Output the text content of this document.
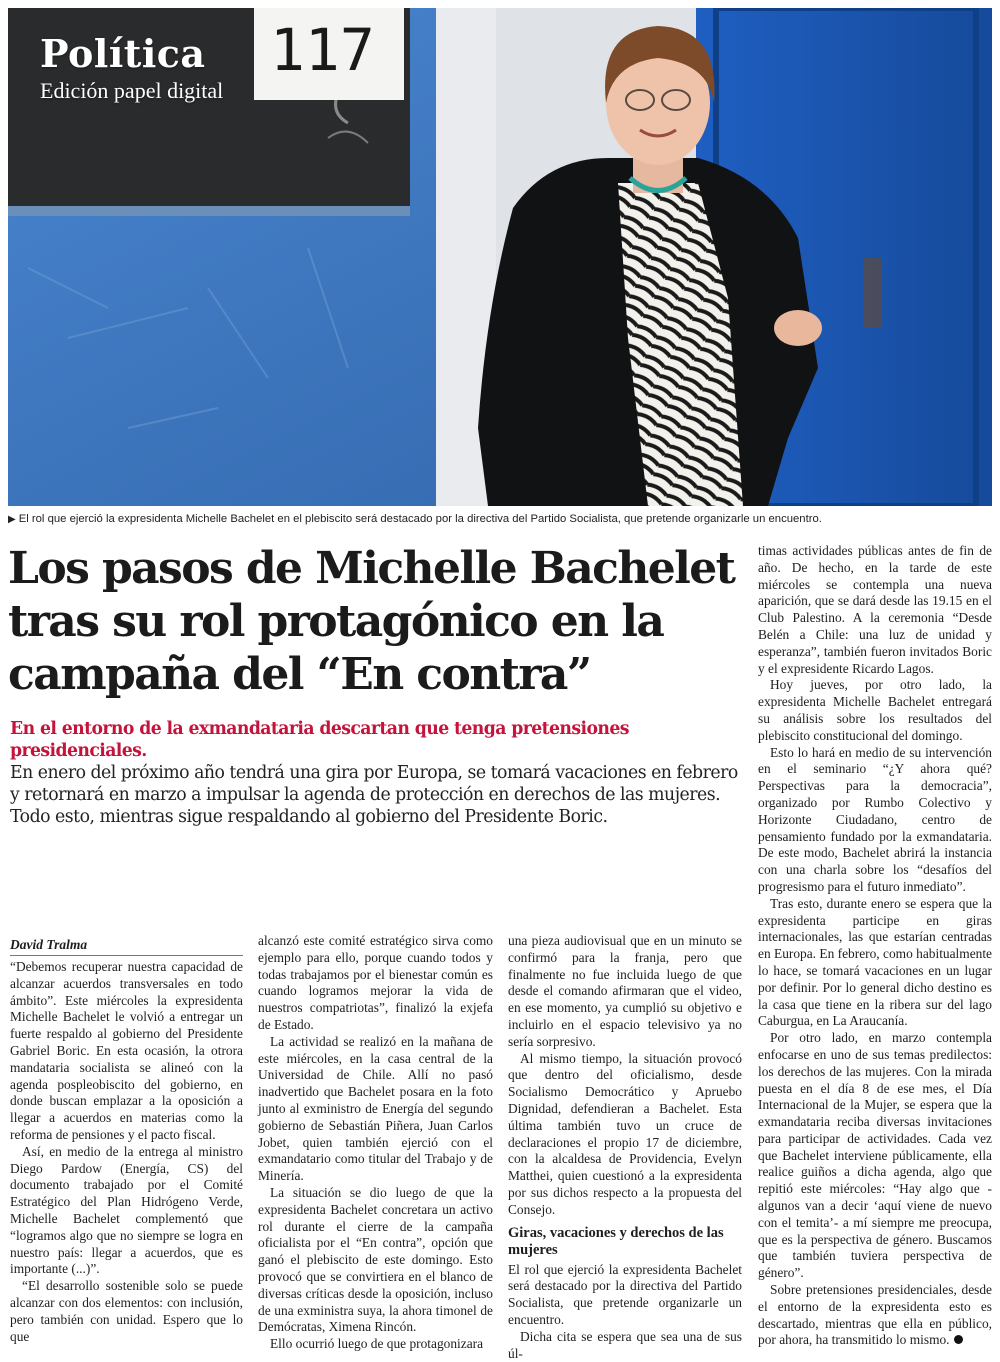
117
Política
Edición papel digital
▶ El rol que ejerció la expresidenta Michelle Bachelet en el plebiscito será destacado por la directiva del Partido Socialista, que pretende organizarle un encuentro.
Los pasos de Michelle Bachelet tras su rol protagónico en la campaña del “En contra”
En el entorno de la exmandataria descartan que tenga pretensiones presidenciales.
En enero del próximo año tendrá una gira por Europa, se tomará vacaciones en febrero y retornará en marzo a impulsar la agenda de protección en derechos de las mujeres. Todo esto, mientras sigue respaldando al gobierno del Presidente Boric.
David Tralma

“Debemos recuperar nuestra capacidad de alcanzar acuerdos transversales en todo ámbito”. Este miércoles la expresidenta Michelle Bachelet le volvió a entregar un fuerte respaldo al gobierno del Presidente Gabriel Boric. En esta ocasión, la otrora mandataria socialista se alineó con la agenda pospleobiscito del gobierno, en donde buscan emplazar a la oposición a llegar a acuerdos en materias como la reforma de pensiones y el pacto fiscal.

Así, en medio de la entrega al ministro Diego Pardow (Energía, CS) del documento trabajado por el Comité Estratégico del Plan Hidrógeno Verde, Michelle Bachelet complementó que “logramos algo que no siempre se logra en nuestro país: llegar a acuerdos, que es importante (...)”.

“El desarrollo sostenible solo se puede alcanzar con dos elementos: con inclusión, pero también con unidad. Espero que lo que

alcanzó este comité estratégico sirva como ejemplo para ello, porque cuando todos y todas trabajamos por el bienestar común es cuando logramos mejorar la vida de nuestros compatriotas”, finalizó la exjefa de Estado.

La actividad se realizó en la mañana de este miércoles, en la casa central de la Universidad de Chile. Allí no pasó inadvertido que Bachelet posara en la foto junto al exministro de Energía del segundo gobierno de Sebastián Piñera, Juan Carlos Jobet, quien también ejerció con el exmandatario como titular del Trabajo y de Minería.

La situación se dio luego de que la expresidenta Bachelet concretara un activo rol durante el cierre de la campaña oficialista por el “En contra”, opción que ganó el plebiscito de este domingo. Esto provocó que se convirtiera en el blanco de diversas críticas desde la oposición, incluso de una exministra suya, la ahora timonel de Demócratas, Ximena Rincón.

Ello ocurrió luego de que protagonizara

una pieza audiovisual que en un minuto se confirmó para la franja, pero que finalmente no fue incluida luego de que desde el comando afirmaran que el video, en ese momento, ya cumplió su objetivo e incluirlo en el espacio televisivo ya no sería sorpresivo.

Al mismo tiempo, la situación provocó que dentro del oficialismo, desde Socialismo Democrático y Apruebo Dignidad, defendieran a Bachelet. Esta última también tuvo un cruce de declaraciones el propio 17 de diciembre, con la alcaldesa de Providencia, Evelyn Matthei, quien cuestionó a la expresidenta por sus dichos respecto a la propuesta del Consejo.

Giras, vacaciones y derechos de las mujeres

El rol que ejerció la expresidenta Bachelet será destacado por la directiva del Partido Socialista, que pretende organizarle un encuentro.

Dicha cita se espera que sea una de sus úl-

timas actividades públicas antes de fin de año. De hecho, en la tarde de este miércoles se contempla una nueva aparición, que se dará desde las 19.15 en el Club Palestino. A la ceremonia “Desde Belén a Chile: una luz de unidad y esperanza”, también fueron invitados Boric y el expresidente Ricardo Lagos.

Hoy jueves, por otro lado, la expresidenta Michelle Bachelet entregará su análisis sobre los resultados del plebiscito constitucional del domingo.

Esto lo hará en medio de su intervención en el seminario “¿Y ahora qué? Perspectivas para la democracia”, organizado por Rumbo Colectivo y Horizonte Ciudadano, centro de pensamiento fundado por la exmandataria. De este modo, Bachelet abrirá la instancia con una charla sobre los “desafíos del progresismo para el futuro inmediato”.

Tras esto, durante enero se espera que la expresidenta participe en giras internacionales, las que estarían centradas en Europa. En febrero, como habitualmente lo hace, se tomará vacaciones en un lugar por definir. Por lo general dicho destino es la casa que tiene en la ribera sur del lago Caburgua, en La Araucanía.

Por otro lado, en marzo contempla enfocarse en uno de sus temas predilectos: los derechos de las mujeres. Con la mirada puesta en el día 8 de ese mes, el Día Internacional de la Mujer, se espera que la exmandataria reciba diversas invitaciones para participar de actividades. Cada vez que Bachelet interviene públicamente, ella realice guiños a dicha agenda, algo que repitió este miércoles: “Hay algo que -algunos van a decir ‘aquí viene de nuevo con el temita’- a mí siempre me preocupa, que es la perspectiva de género. Buscamos que también tuviera perspectiva de género”.

Sobre pretensiones presidenciales, desde el entorno de la expresidenta esto es descartado, mientras que ella en público, por ahora, ha transmitido lo mismo.
